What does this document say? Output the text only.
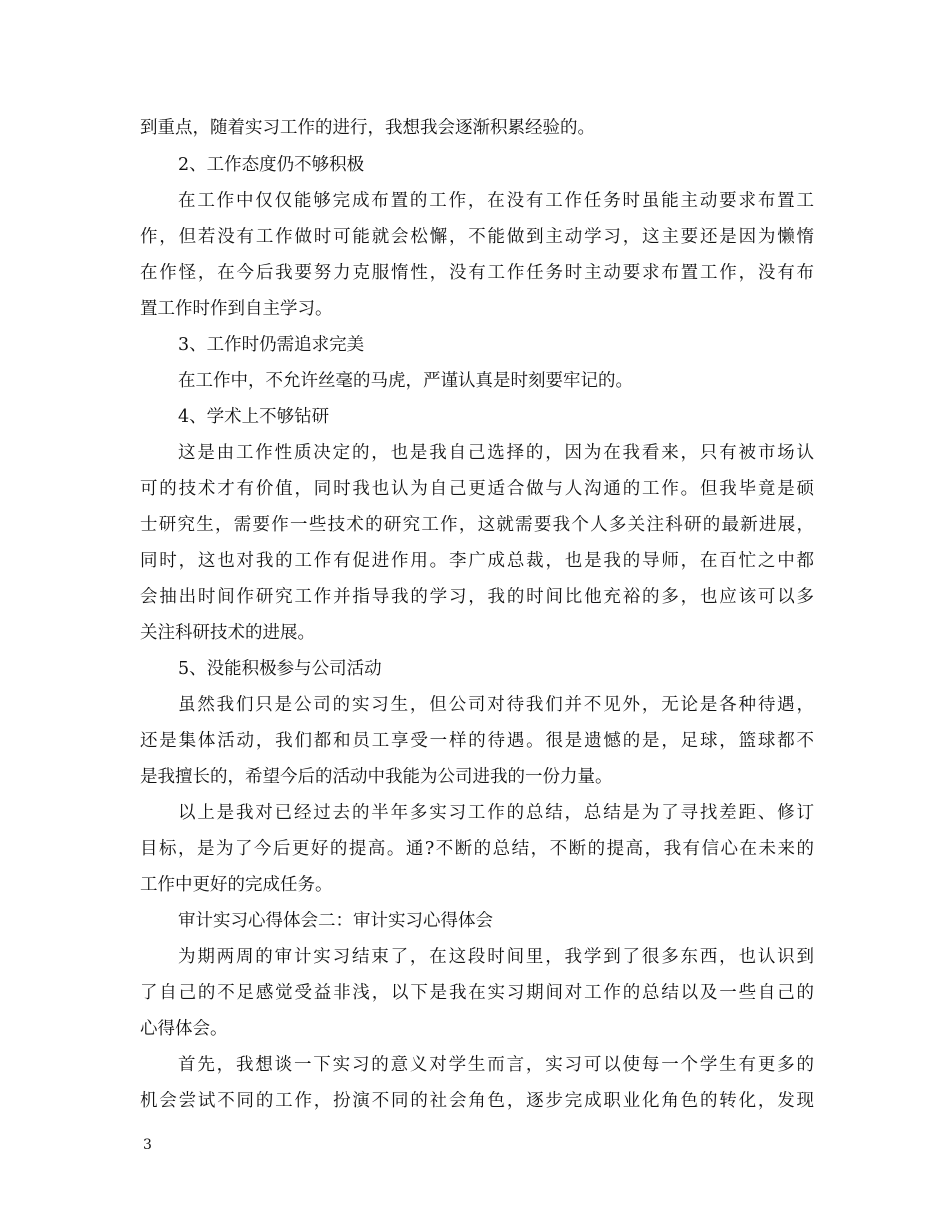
到重点，随着实习工作的进行，我想我会逐渐积累经验的。
2、工作态度仍不够积极
在工作中仅仅能够完成布置的工作，在没有工作任务时虽能主动要求布置工
作，但若没有工作做时可能就会松懈，不能做到主动学习，这主要还是因为懒惰
在作怪，在今后我要努力克服惰性，没有工作任务时主动要求布置工作，没有布
置工作时作到自主学习。
3、工作时仍需追求完美
在工作中，不允许丝毫的马虎，严谨认真是时刻要牢记的。
4、学术上不够钻研
这是由工作性质决定的，也是我自己选择的，因为在我看来，只有被市场认
可的技术才有价值，同时我也认为自己更适合做与人沟通的工作。但我毕竟是硕
士研究生，需要作一些技术的研究工作，这就需要我个人多关注科研的最新进展，
同时，这也对我的工作有促进作用。李广成总裁，也是我的导师，在百忙之中都
会抽出时间作研究工作并指导我的学习，我的时间比他充裕的多，也应该可以多
关注科研技术的进展。
5、没能积极参与公司活动
虽然我们只是公司的实习生，但公司对待我们并不见外，无论是各种待遇，
还是集体活动，我们都和员工享受一样的待遇。很是遗憾的是，足球，篮球都不
是我擅长的，希望今后的活动中我能为公司进我的一份力量。
以上是我对已经过去的半年多实习工作的总结，总结是为了寻找差距、修订
目标，是为了今后更好的提高。通?不断的总结，不断的提高，我有信心在未来的
工作中更好的完成任务。
审计实习心得体会二：审计实习心得体会
为期两周的审计实习结束了，在这段时间里，我学到了很多东西，也认识到
了自己的不足感觉受益非浅，以下是我在实习期间对工作的总结以及一些自己的
心得体会。
首先，我想谈一下实习的意义对学生而言，实习可以使每一个学生有更多的
机会尝试不同的工作，扮演不同的社会角色，逐步完成职业化角色的转化，发现
3
